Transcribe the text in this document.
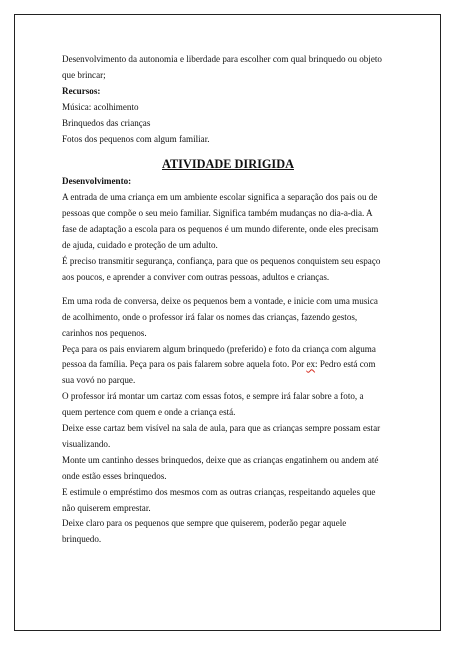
Desenvolvimento da autonomia e liberdade para escolher com qual brinquedo ou objeto

que brincar;

Recursos:

Música: acolhimento

Brinquedos das crianças

Fotos dos pequenos com algum familiar.

ATIVIDADE DIRIGIDA

Desenvolvimento:

A entrada de uma criança em um ambiente escolar significa a separação dos pais ou de

pessoas que compõe o seu meio familiar. Significa também mudanças no dia-a-dia. A

fase de adaptação a escola para os pequenos é um mundo diferente, onde eles precisam

de ajuda, cuidado e proteção de um adulto.

É preciso transmitir segurança, confiança, para que os pequenos conquistem seu espaço

aos poucos, e aprender a conviver com outras pessoas, adultos e crianças.

Em uma roda de conversa, deixe os pequenos bem a vontade, e inicie com uma musica

de acolhimento, onde o professor irá falar os nomes das crianças, fazendo gestos,

carinhos nos pequenos.

Peça para os pais enviarem algum brinquedo (preferido) e foto da criança com alguma

pessoa da família. Peça para os pais falarem sobre aquela foto. Por ex: Pedro está com

sua vovó no parque.

O professor irá montar um cartaz com essas fotos, e sempre irá falar sobre a foto, a

quem pertence com quem e onde a criança está.

Deixe esse cartaz bem visível na sala de aula, para que as crianças sempre possam estar

visualizando.

Monte um cantinho desses brinquedos, deixe que as crianças engatinhem ou andem até

onde estão esses brinquedos.

E estimule o empréstimo dos mesmos com as outras crianças, respeitando aqueles que

não quiserem emprestar.

Deixe claro para os pequenos que sempre que quiserem, poderão pegar aquele

brinquedo.
